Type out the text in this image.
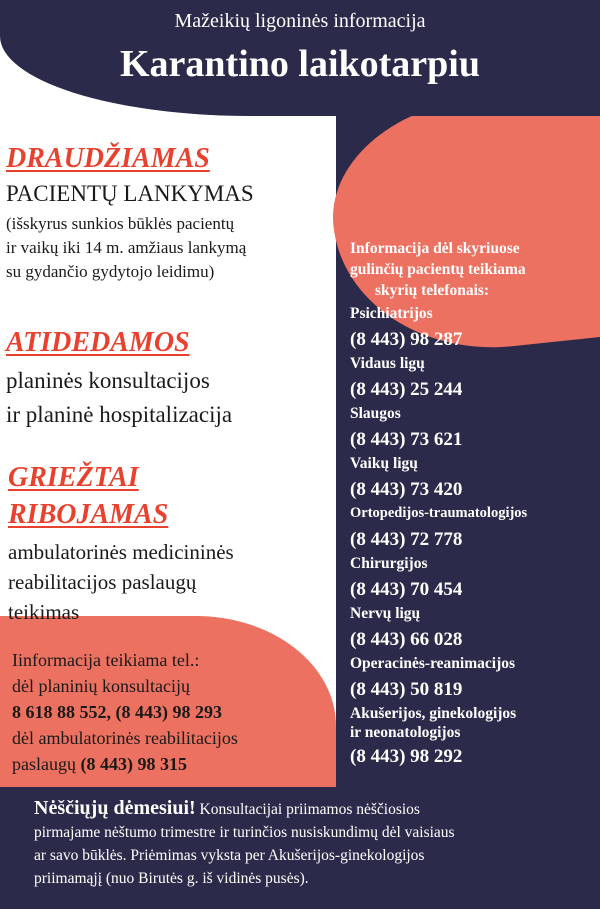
Mažeikių ligoninės informacija
Karantino laikotarpiu
DRAUDŽIAMAS
PACIENTŲ LANKYMAS
(išskyrus sunkios būklės pacientų
ir vaikų iki 14 m. amžiaus lankymą
su gydančio gydytojo leidimu)
ATIDEDAMOS
planinės konsultacijos
ir planinė hospitalizacija
GRIEŽTAI
RIBOJAMAS
ambulatorinės medicininės
reabilitacijos paslaugų
teikimas
Iinformacija teikiama tel.:
dėl planinių konsultacijų
8 618 88 552, (8 443) 98 293
dėl ambulatorinės reabilitacijos
paslaugų (8 443) 98 315
Informacija dėl skyriuose
gulinčių pacientų teikiama
skyrių telefonais:
Psichiatrijos
(8 443) 98 287
Vidaus ligų
(8 443) 25 244
Slaugos
(8 443) 73 621
Vaikų ligų
(8 443) 73 420
Ortopedijos-traumatologijos
(8 443) 72 778
Chirurgijos
(8 443) 70 454
Nervų ligų
(8 443) 66 028
Operacinės-reanimacijos
(8 443) 50 819
Akušerijos, ginekologijos
ir neonatologijos
(8 443) 98 292
Nėščiųjų dėmesiui! Konsultacijai priimamos nėščiosios
pirmajame nėštumo trimestre ir turinčios nusiskundimų dėl vaisiaus
ar savo būklės. Priėmimas vyksta per Akušerijos-ginekologijos
priimamąjį (nuo Birutės g. iš vidinės pusės).
